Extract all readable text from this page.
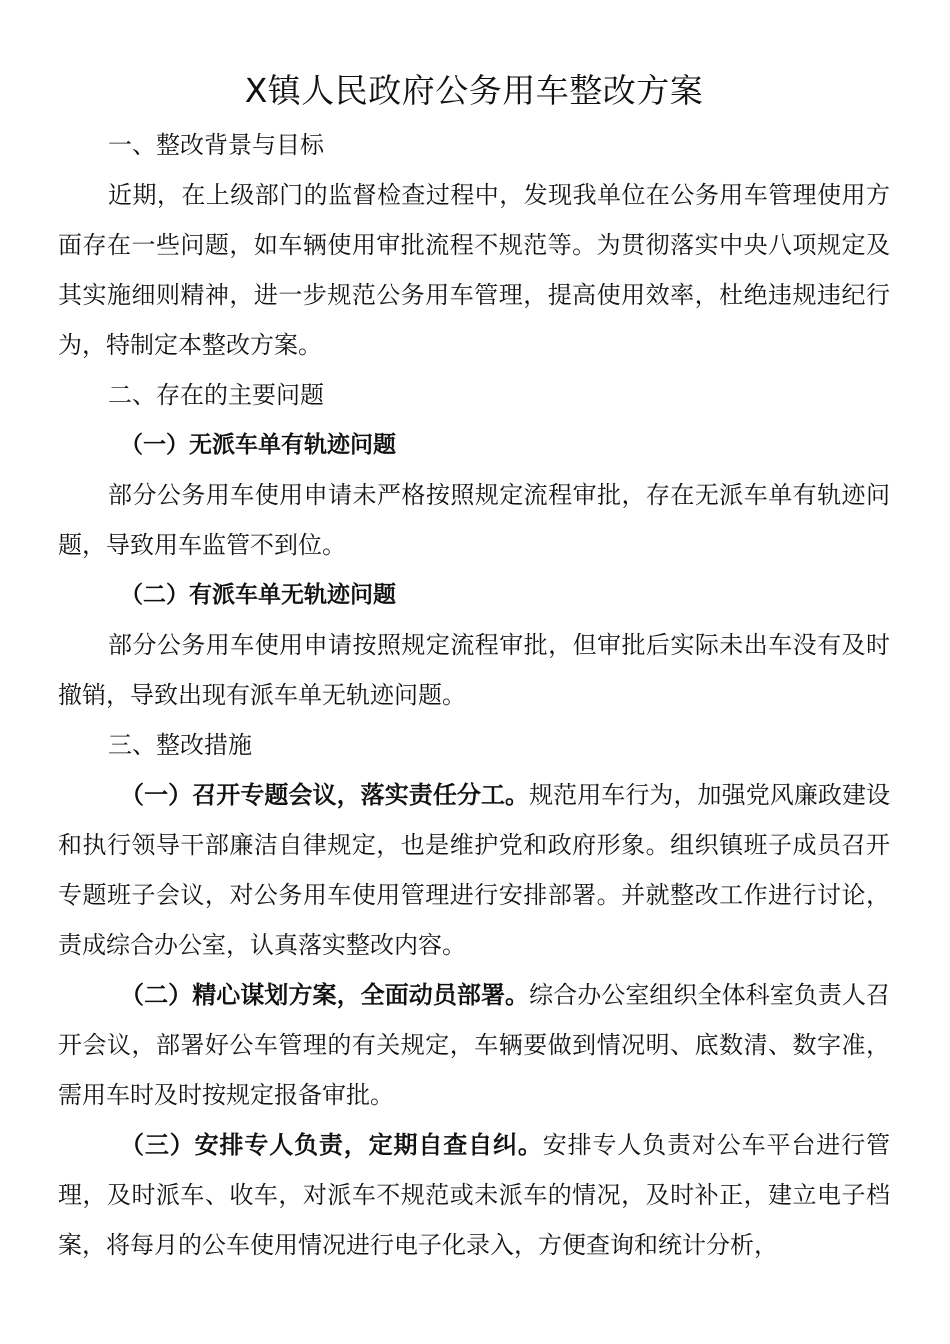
X镇人民政府公务用车整改方案

一、整改背景与目标

近期，在上级部门的监督检查过程中，发现我单位在公务用车管理使用方面存在一些问题，如车辆使用审批流程不规范等。为贯彻落实中央八项规定及其实施细则精神，进一步规范公务用车管理，提高使用效率，杜绝违规违纪行为，特制定本整改方案。

二、存在的主要问题

（一）无派车单有轨迹问题

部分公务用车使用申请未严格按照规定流程审批，存在无派车单有轨迹问题，导致用车监管不到位。

（二）有派车单无轨迹问题

部分公务用车使用申请按照规定流程审批，但审批后实际未出车没有及时撤销，导致出现有派车单无轨迹问题。

三、整改措施

（一）召开专题会议，落实责任分工。规范用车行为，加强党风廉政建设和执行领导干部廉洁自律规定，也是维护党和政府形象。组织镇班子成员召开专题班子会议，对公务用车使用管理进行安排部署。并就整改工作进行讨论，责成综合办公室，认真落实整改内容。

（二）精心谋划方案，全面动员部署。综合办公室组织全体科室负责人召开会议，部署好公车管理的有关规定，车辆要做到情况明、底数清、数字准，需用车时及时按规定报备审批。

（三）安排专人负责，定期自查自纠。安排专人负责对公车平台进行管理，及时派车、收车，对派车不规范或未派车的情况，及时补正，建立电子档案，将每月的公车使用情况进行电子化录入，方便查询和统计分析，
